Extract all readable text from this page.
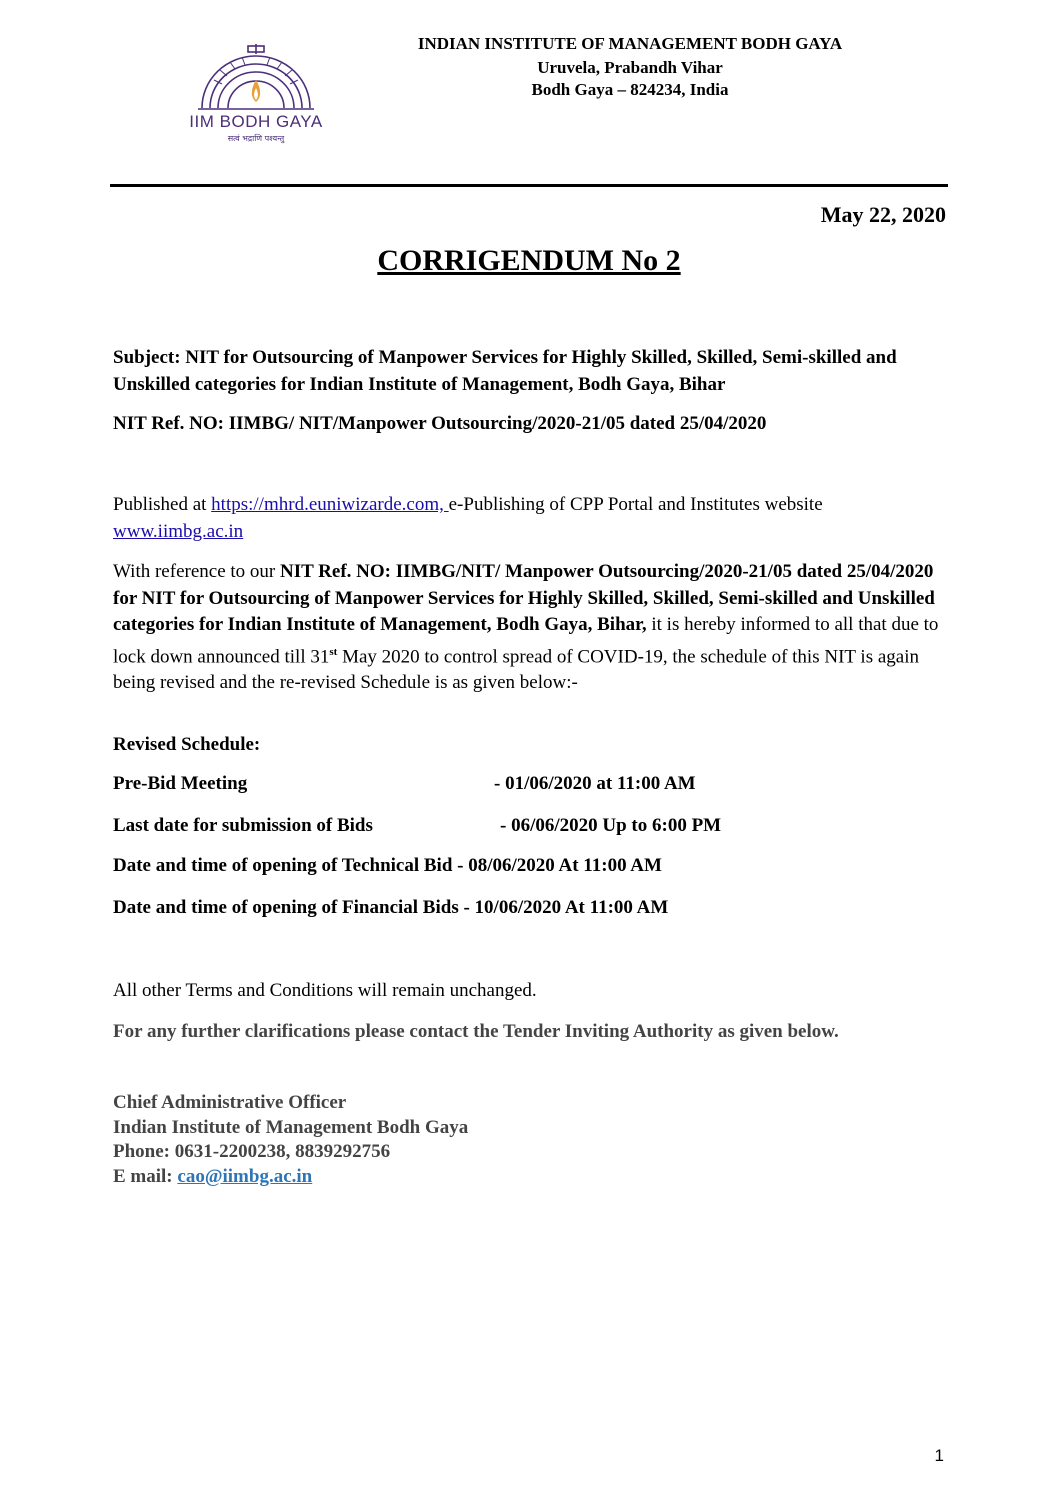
IIM BODH GAYA
सत्वं भद्राणि पश्यन्तु
INDIAN INSTITUTE OF MANAGEMENT BODH GAYA
Uruvela, Prabandh Vihar
Bodh Gaya – 824234, India
May 22, 2020
CORRIGENDUM No 2
Subject: NIT for Outsourcing of Manpower Services for Highly Skilled, Skilled, Semi-skilled and Unskilled categories for Indian Institute of Management, Bodh Gaya, Bihar
NIT Ref. NO: IIMBG/ NIT/Manpower Outsourcing/2020-21/05 dated 25/04/2020
Published at https://mhrd.euniwizarde.com, e-Publishing of CPP Portal and Institutes website www.iimbg.ac.in
With reference to our NIT Ref. NO: IIMBG/NIT/ Manpower Outsourcing/2020-21/05 dated 25/04/2020 for NIT for Outsourcing of Manpower Services for Highly Skilled, Skilled, Semi-skilled and Unskilled categories for Indian Institute of Management, Bodh Gaya, Bihar, it is hereby informed to all that due to lock down announced till 31st May 2020 to control spread of COVID-19, the schedule of this NIT is again being revised and the re-revised Schedule is as given below:-
Revised Schedule:
Pre-Bid Meeting	- 01/06/2020 at 11:00 AM
Last date for submission of Bids	- 06/06/2020 Up to 6:00 PM
Date and time of opening of Technical Bid - 08/06/2020 At 11:00 AM
Date and time of opening of Financial Bids - 10/06/2020 At 11:00 AM
All other Terms and Conditions will remain unchanged.
For any further clarifications please contact the Tender Inviting Authority as given below.
Chief Administrative Officer
Indian Institute of Management Bodh Gaya
Phone: 0631-2200238, 8839292756
E mail: cao@iimbg.ac.in
1
